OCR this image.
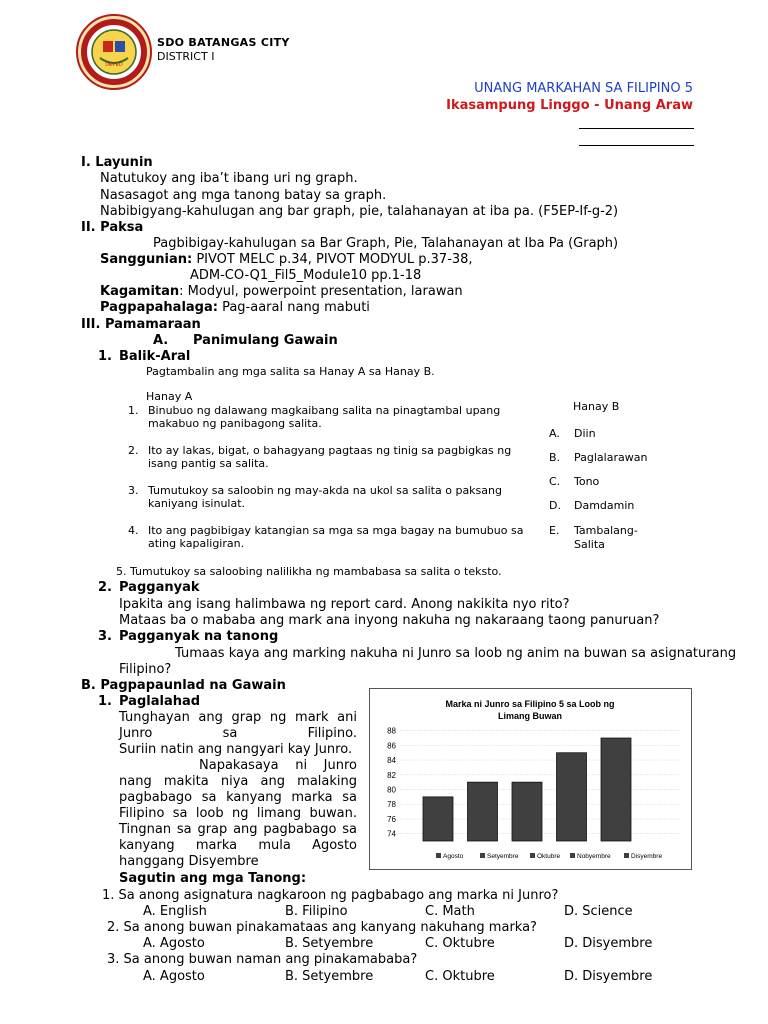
DEPED
SDO BATANGAS CITY
DISTRICT I
UNANG MARKAHAN SA FILIPINO 5
Ikasampung Linggo - Unang Araw
I. Layunin
Natutukoy ang iba’t ibang uri ng graph.
Nasasagot ang mga tanong batay sa graph.
Nabibigyang-kahulugan ang bar graph, pie, talahanayan at iba pa. (F5EP-If-g-2)
II. Paksa
Pagbibigay-kahulugan sa Bar Graph, Pie, Talahanayan at Iba Pa (Graph)
Sanggunian: PIVOT MELC p.34, PIVOT MODYUL p.37-38,
ADM-CO-Q1_Fil5_Module10 pp.1-18
Kagamitan: Modyul, powerpoint presentation, larawan
Pagpapahalaga: Pag-aaral nang mabuti
III. Pamamaraan
A. Panimulang Gawain
1. Balik-Aral
Pagtambalin ang mga salita sa Hanay A sa Hanay B.
Hanay A
Hanay B
1. Binubuo ng dalawang magkaibang salita na pinagtambal upang
makabuo ng panibagong salita.
2. Ito ay lakas, bigat, o bahagyang pagtaas ng tinig sa pagbigkas ng
isang pantig sa salita.
3. Tumutukoy sa saloobin ng may-akda na ukol sa salita o paksang
kaniyang isinulat.
4. Ito ang pagbibigay katangian sa mga sa mga bagay na bumubuo sa
ating kapaligiran.
5. Tumutukoy sa saloobing nalilikha ng mambabasa sa salita o teksto.
A. Diin
B. Paglalarawan
C. Tono
D. Damdamin
E. Tambalang-
Salita
2. Pagganyak
Ipakita ang isang halimbawa ng report card. Anong nakikita nyo rito?
Mataas ba o mababa ang mark ana inyong nakuha ng nakaraang taong panuruan?
3. Pagganyak na tanong
Tumaas kaya ang marking nakuha ni Junro sa loob ng anim na buwan sa asignaturang
Filipino?
B. Pagpapaunlad na Gawain
1. Paglalahad
Tunghayan ang grap ng mark ani Junro sa Filipino.
Suriin natin ang nangyari kay Junro.
Napakasaya ni Junro nang makita niya ang malaking pagbabago sa kanyang marka sa Filipino sa loob ng limang buwan. Tingnan sa grap ang pagbabago sa kanyang marka mula Agosto hanggang Disyembre
Marka ni Junro sa Filipino 5 sa Loob ng
Limang Buwan
88
86
84
82
80
78
76
74
Agosto	Setyembre	Oktubre	Nobyembre	Disyembre
Sagutin ang mga Tanong:
1. Sa anong asignatura nagkaroon ng pagbabago ang marka ni Junro?
A. English	B. Filipino	C. Math	D. Science
2. Sa anong buwan pinakamataas ang kanyang nakuhang marka?
A. Agosto	B. Setyembre	C. Oktubre	D. Disyembre
3. Sa anong buwan naman ang pinakamababa?
A. Agosto	B. Setyembre	C. Oktubre	D. Disyembre
